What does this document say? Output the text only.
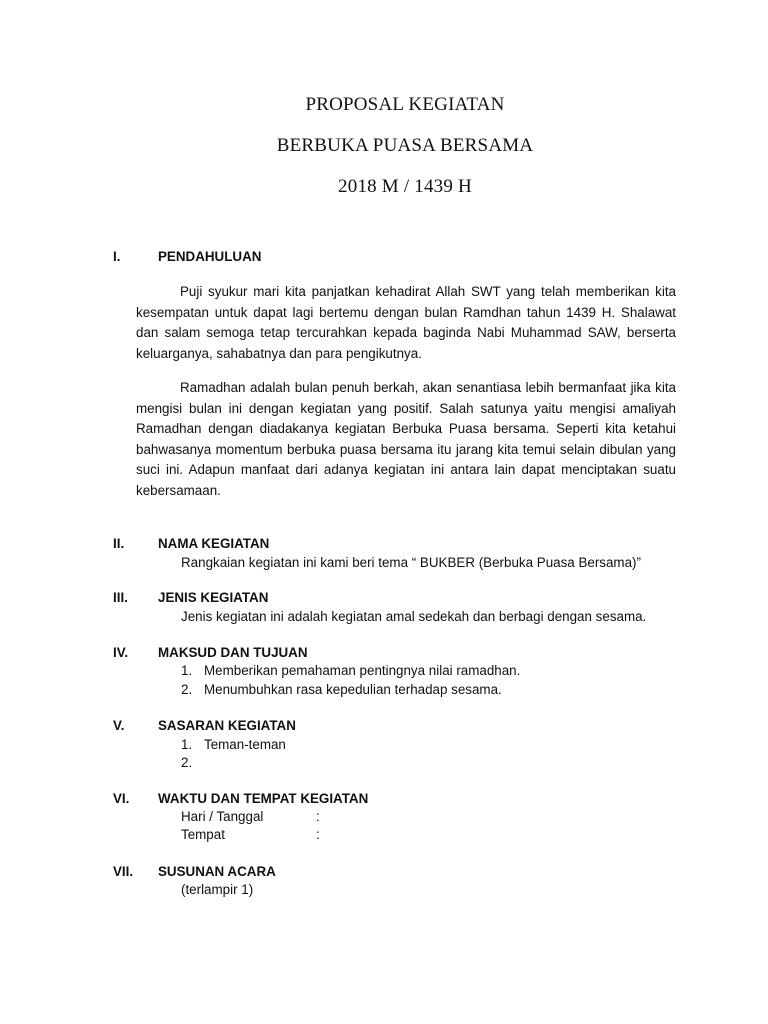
PROPOSAL KEGIATAN
BERBUKA PUASA BERSAMA
2018 M / 1439 H
I.	PENDAHULUAN

Puji syukur mari kita panjatkan kehadirat Allah SWT yang telah memberikan kita kesempatan untuk dapat lagi bertemu dengan bulan Ramdhan tahun 1439 H. Shalawat dan salam semoga tetap tercurahkan kepada baginda Nabi Muhammad SAW, berserta keluarganya, sahabatnya dan para pengikutnya.

Ramadhan adalah bulan penuh berkah, akan senantiasa lebih bermanfaat jika kita mengisi bulan ini dengan kegiatan yang positif. Salah satunya yaitu mengisi amaliyah Ramadhan dengan diadakanya kegiatan Berbuka Puasa bersama. Seperti kita ketahui bahwasanya momentum berbuka puasa bersama itu jarang kita temui selain dibulan yang suci ini. Adapun manfaat dari adanya kegiatan ini antara lain dapat menciptakan suatu kebersamaan.

II.	NAMA KEGIATAN
Rangkaian kegiatan ini kami beri tema “ BUKBER (Berbuka Puasa Bersama)”
III. JENIS KEGIATAN
Jenis kegiatan ini adalah kegiatan amal sedekah dan berbagi dengan sesama.
IV. MAKSUD DAN TUJUAN
1. Memberikan pemahaman pentingnya nilai ramadhan.
2. Menumbuhkan rasa kepedulian terhadap sesama.
V.	SASARAN KEGIATAN
1. Teman-teman
2.
VI. WAKTU DAN TEMPAT KEGIATAN
Hari / Tanggal	:
Tempat	:
VII. SUSUNAN ACARA
(terlampir 1)
